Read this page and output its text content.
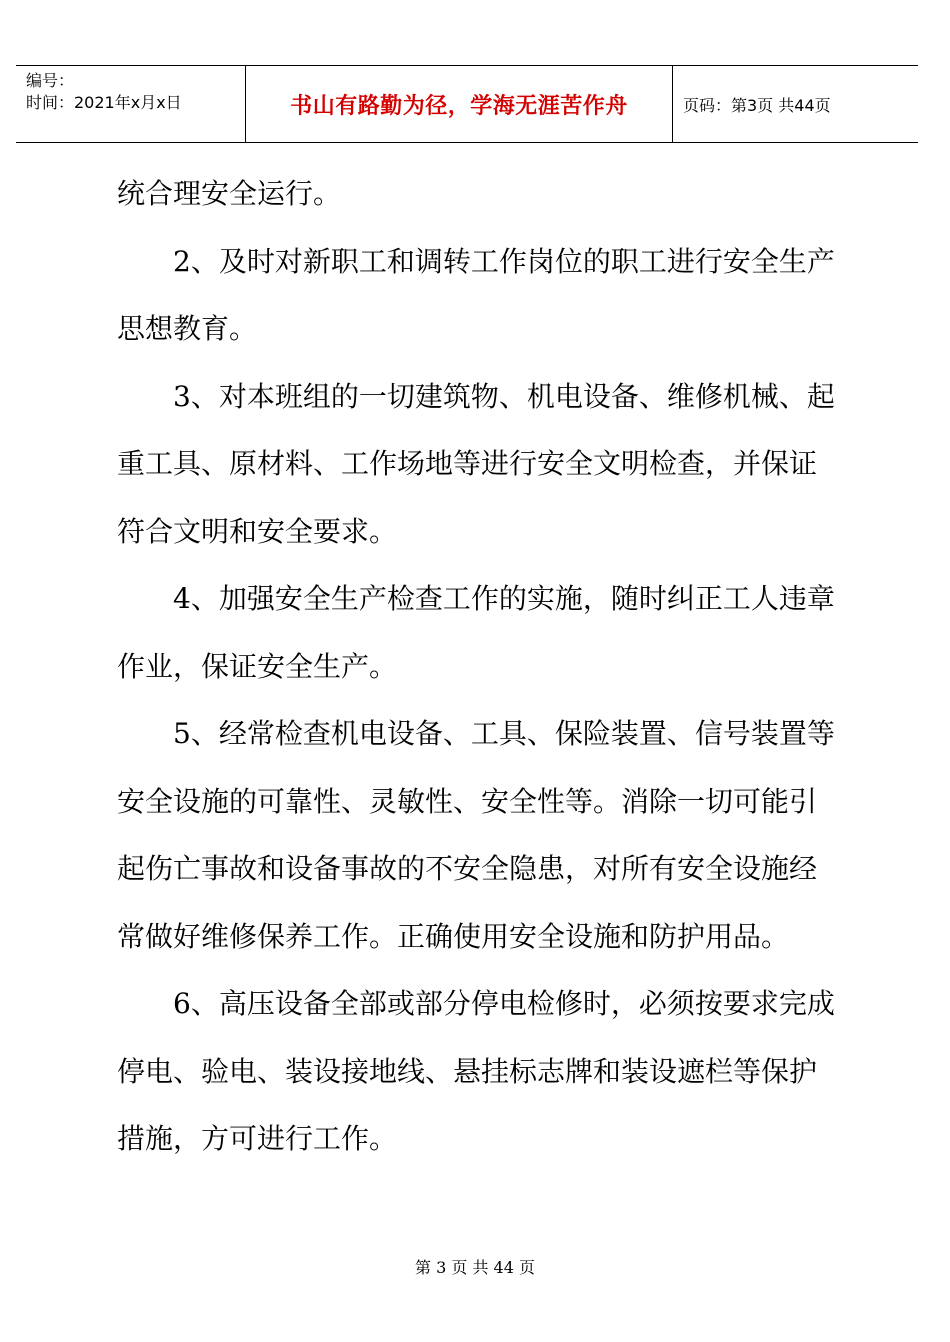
编号：
时间：2021年x月x日	书山有路勤为径，学海无涯苦作舟	页码：第3页 共44页

统合理安全运行。

2、及时对新职工和调转工作岗位的职工进行安全生产思想教育。

3、对本班组的一切建筑物、机电设备、维修机械、起重工具、原材料、工作场地等进行安全文明检查，并保证符合文明和安全要求。

4、加强安全生产检查工作的实施，随时纠正工人违章作业，保证安全生产。

5、经常检查机电设备、工具、保险装置、信号装置等安全设施的可靠性、灵敏性、安全性等。消除一切可能引起伤亡事故和设备事故的不安全隐患，对所有安全设施经常做好维修保养工作。正确使用安全设施和防护用品。

6、高压设备全部或部分停电检修时，必须按要求完成停电、验电、装设接地线、悬挂标志牌和装设遮栏等保护措施，方可进行工作。

第 3 页 共 44 页
